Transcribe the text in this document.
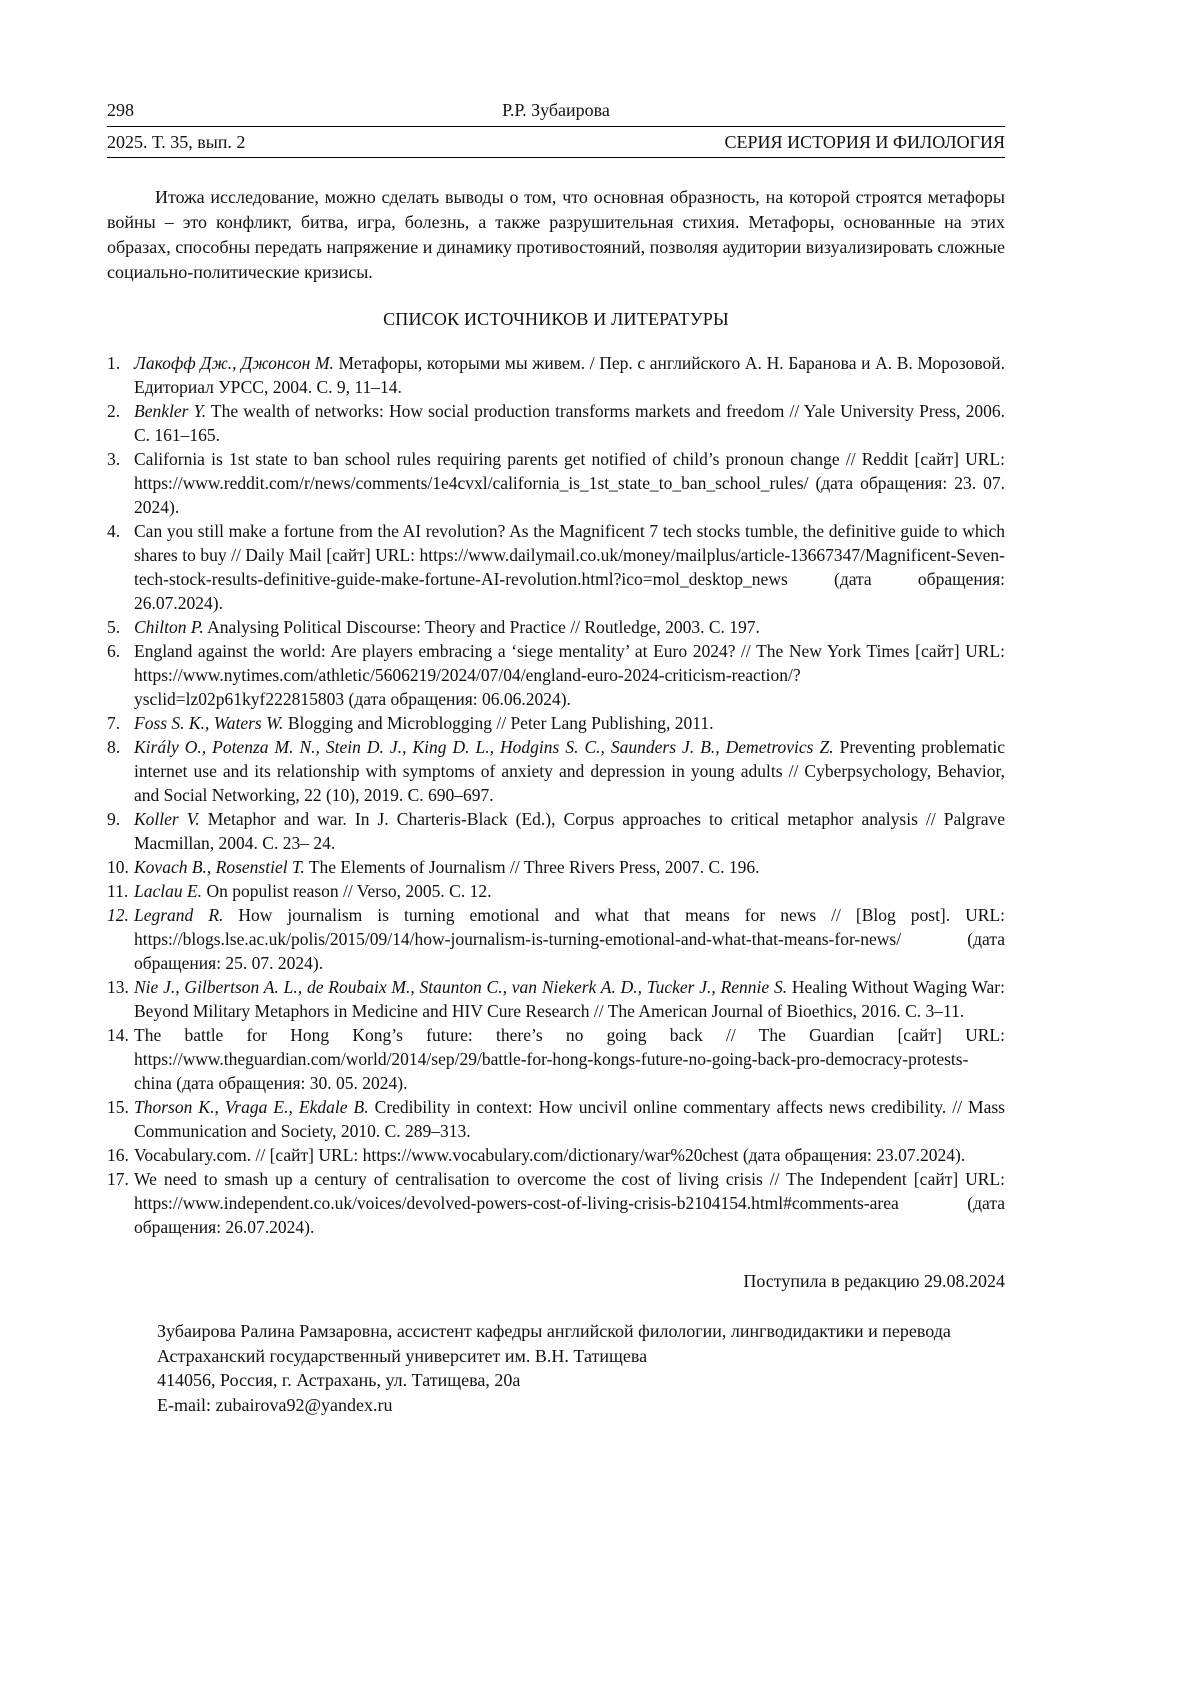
298	Р.Р. Зубаирова
2025. Т. 35, вып. 2	СЕРИЯ ИСТОРИЯ И ФИЛОЛОГИЯ

Итожа исследование, можно сделать выводы о том, что основная образность, на которой строятся метафоры войны – это конфликт, битва, игра, болезнь, а также разрушительная стихия. Метафоры, основанные на этих образах, способны передать напряжение и динамику противостояний, позволяя аудитории визуализировать сложные социально-политические кризисы.

СПИСОК ИСТОЧНИКОВ И ЛИТЕРАТУРЫ
1. Лакофф Дж., Джонсон М. Метафоры, которыми мы живем. / Пер. с английского А. Н. Баранова и А. В. Морозовой. Едиториал УРСС, 2004. С. 9, 11–14.
2. Benkler Y. The wealth of networks: How social production transforms markets and freedom // Yale University Press, 2006. С. 161–165.
3. California is 1st state to ban school rules requiring parents get notified of child’s pronoun change // Reddit [сайт] URL: https://www.reddit.com/r/news/comments/1e4cvxl/california_is_1st_state_to_ban_school_rules/ (дата обращения: 23. 07. 2024).
4. Can you still make a fortune from the AI revolution? As the Magnificent 7 tech stocks tumble, the definitive guide to which shares to buy // Daily Mail [сайт] URL: https://www.dailymail.co.uk/money/mailplus/article-13667347/Magnificent-Seven-tech-stock-results-definitive-guide-make-fortune-AI-revolution.html?ico=mol_desktop_news (дата обращения: 26.07.2024).
5. Chilton P. Analysing Political Discourse: Theory and Practice // Routledge, 2003. С. 197.
6. England against the world: Are players embracing a ‘siege mentality’ at Euro 2024? // The New York Times [сайт] URL: https://www.nytimes.com/athletic/5606219/2024/07/04/england-euro-2024-criticism-reaction/?ysclid=lz02p61kyf222815803 (дата обращения: 06.06.2024).
7. Foss S. K., Waters W. Blogging and Microblogging // Peter Lang Publishing, 2011.
8. Király O., Potenza M. N., Stein D. J., King D. L., Hodgins S. C., Saunders J. B., Demetrovics Z. Preventing problematic internet use and its relationship with symptoms of anxiety and depression in young adults // Cyberpsychology, Behavior, and Social Networking, 22 (10), 2019. С. 690–697.
9. Koller V. Metaphor and war. In J. Charteris-Black (Ed.), Corpus approaches to critical metaphor analysis // Palgrave Macmillan, 2004. С. 23– 24.
10. Kovach B., Rosenstiel T. The Elements of Journalism // Three Rivers Press, 2007. С. 196.
11. Laclau E. On populist reason // Verso, 2005. С. 12.
12. Legrand R. How journalism is turning emotional and what that means for news // [Blog post]. URL: https://blogs.lse.ac.uk/polis/2015/09/14/how-journalism-is-turning-emotional-and-what-that-means-for-news/ (дата обращения: 25. 07. 2024).
13. Nie J., Gilbertson A. L., de Roubaix M., Staunton C., van Niekerk A. D., Tucker J., Rennie S. Healing Without Waging War: Beyond Military Metaphors in Medicine and HIV Cure Research // The American Journal of Bioethics, 2016. С. 3–11.
14. The battle for Hong Kong’s future: there’s no going back // The Guardian [сайт] URL: https://www.theguardian.com/world/2014/sep/29/battle-for-hong-kongs-future-no-going-back-pro-democracy-protests-china (дата обращения: 30. 05. 2024).
15. Thorson K., Vraga E., Ekdale B. Credibility in context: How uncivil online commentary affects news credibility. // Mass Communication and Society, 2010. С. 289–313.
16. Vocabulary.com. // [сайт] URL: https://www.vocabulary.com/dictionary/war%20chest (дата обращения: 23.07.2024).
17. We need to smash up a century of centralisation to overcome the cost of living crisis // The Independent [сайт] URL: https://www.independent.co.uk/voices/devolved-powers-cost-of-living-crisis-b2104154.html#comments-area (дата обращения: 26.07.2024).

Поступила в редакцию 29.08.2024

Зубаирова Ралина Рамзаровна, ассистент кафедры английской филологии, лингводидактики и перевода

Астраханский государственный университет им. В.Н. Татищева

414056, Россия, г. Астрахань, ул. Татищева, 20а

E-mail: zubairova92@yandex.ru
